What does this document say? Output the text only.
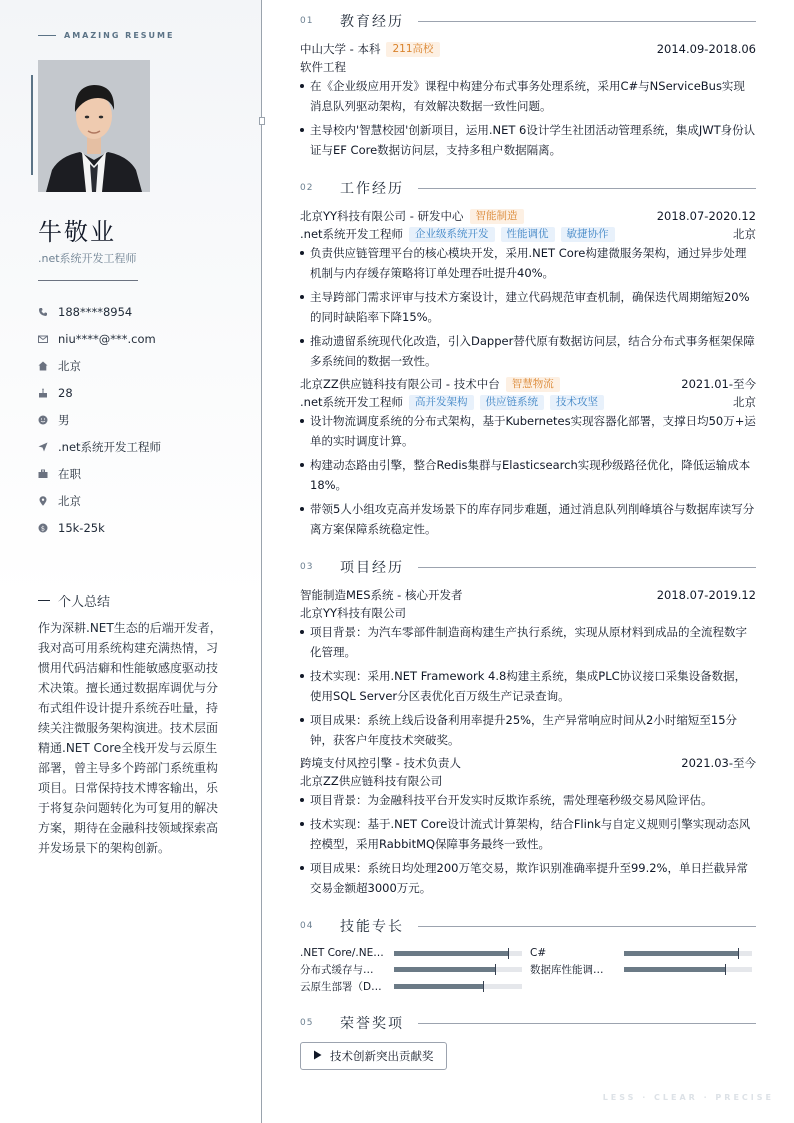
AMAZING RESUME
牛敬业
.net系统开发工程师
188****8954
niu****@***.com
北京
28
男
.net系统开发工程师
在职
北京
$ 15k-25k
个人总结
作为深耕.NET生态的后端开发者，我对高可用系统构建充满热情，习惯用代码洁癖和性能敏感度驱动技术决策。擅长通过数据库调优与分布式组件设计提升系统吞吐量，持续关注微服务架构演进。技术层面精通.NET Core全栈开发与云原生部署，曾主导多个跨部门系统重构项目。日常保持技术博客输出，乐于将复杂问题转化为可复用的解决方案，期待在金融科技领域探索高并发场景下的架构创新。
01	教育经历
中山大学 - 本科	211高校	2014.09-2018.06
软件工程
在《企业级应用开发》课程中构建分布式事务处理系统，采用C#与NServiceBus实现消息队列驱动架构，有效解决数据一致性问题。
主导校内'智慧校园'创新项目，运用.NET 6设计学生社团活动管理系统，集成JWT身份认证与EF Core数据访问层，支持多租户数据隔离。
02	工作经历
北京YY科技有限公司 - 研发中心	智能制造	2018.07-2020.12
.net系统开发工程师	企业级系统开发	性能调优	敏捷协作	北京
负责供应链管理平台的核心模块开发，采用.NET Core构建微服务架构，通过异步处理机制与内存缓存策略将订单处理吞吐提升40%。
主导跨部门需求评审与技术方案设计，建立代码规范审查机制，确保迭代周期缩短20%的同时缺陷率下降15%。
推动遗留系统现代化改造，引入Dapper替代原有数据访问层，结合分布式事务框架保障多系统间的数据一致性。
北京ZZ供应链科技有限公司 - 技术中台	智慧物流	2021.01-至今
.net系统开发工程师	高并发架构	供应链系统	技术攻坚	北京
设计物流调度系统的分布式架构，基于Kubernetes实现容器化部署，支撑日均50万+运单的实时调度计算。
构建动态路由引擎，整合Redis集群与Elasticsearch实现秒级路径优化，降低运输成本18%。
带领5人小组攻克高并发场景下的库存同步难题，通过消息队列削峰填谷与数据库读写分离方案保障系统稳定性。
03	项目经历
智能制造MES系统 - 核心开发者	2018.07-2019.12
北京YY科技有限公司
项目背景：为汽车零部件制造商构建生产执行系统，实现从原材料到成品的全流程数字化管理。
技术实现：采用.NET Framework 4.8构建主系统，集成PLC协议接口采集设备数据，使用SQL Server分区表优化百万级生产记录查询。
项目成果：系统上线后设备利用率提升25%，生产异常响应时间从2小时缩短至15分钟，获客户年度技术突破奖。
跨境支付风控引擎 - 技术负责人	2021.03-至今
北京ZZ供应链科技有限公司
项目背景：为金融科技平台开发实时反欺诈系统，需处理毫秒级交易风险评估。
技术实现：基于.NET Core设计流式计算架构，结合Flink与自定义规则引擎实现动态风控模型，采用RabbitMQ保障事务最终一致性。
项目成果：系统日均处理200万笔交易，欺诈识别准确率提升至99.2%，单日拦截异常交易金额超3000万元。
04	技能专长
.NET Core/.NE…	C#
分布式缓存与…	数据库性能调…
云原生部署（D…
05	荣誉奖项
技术创新突出贡献奖
LESS · CLEAR · PRECISE
